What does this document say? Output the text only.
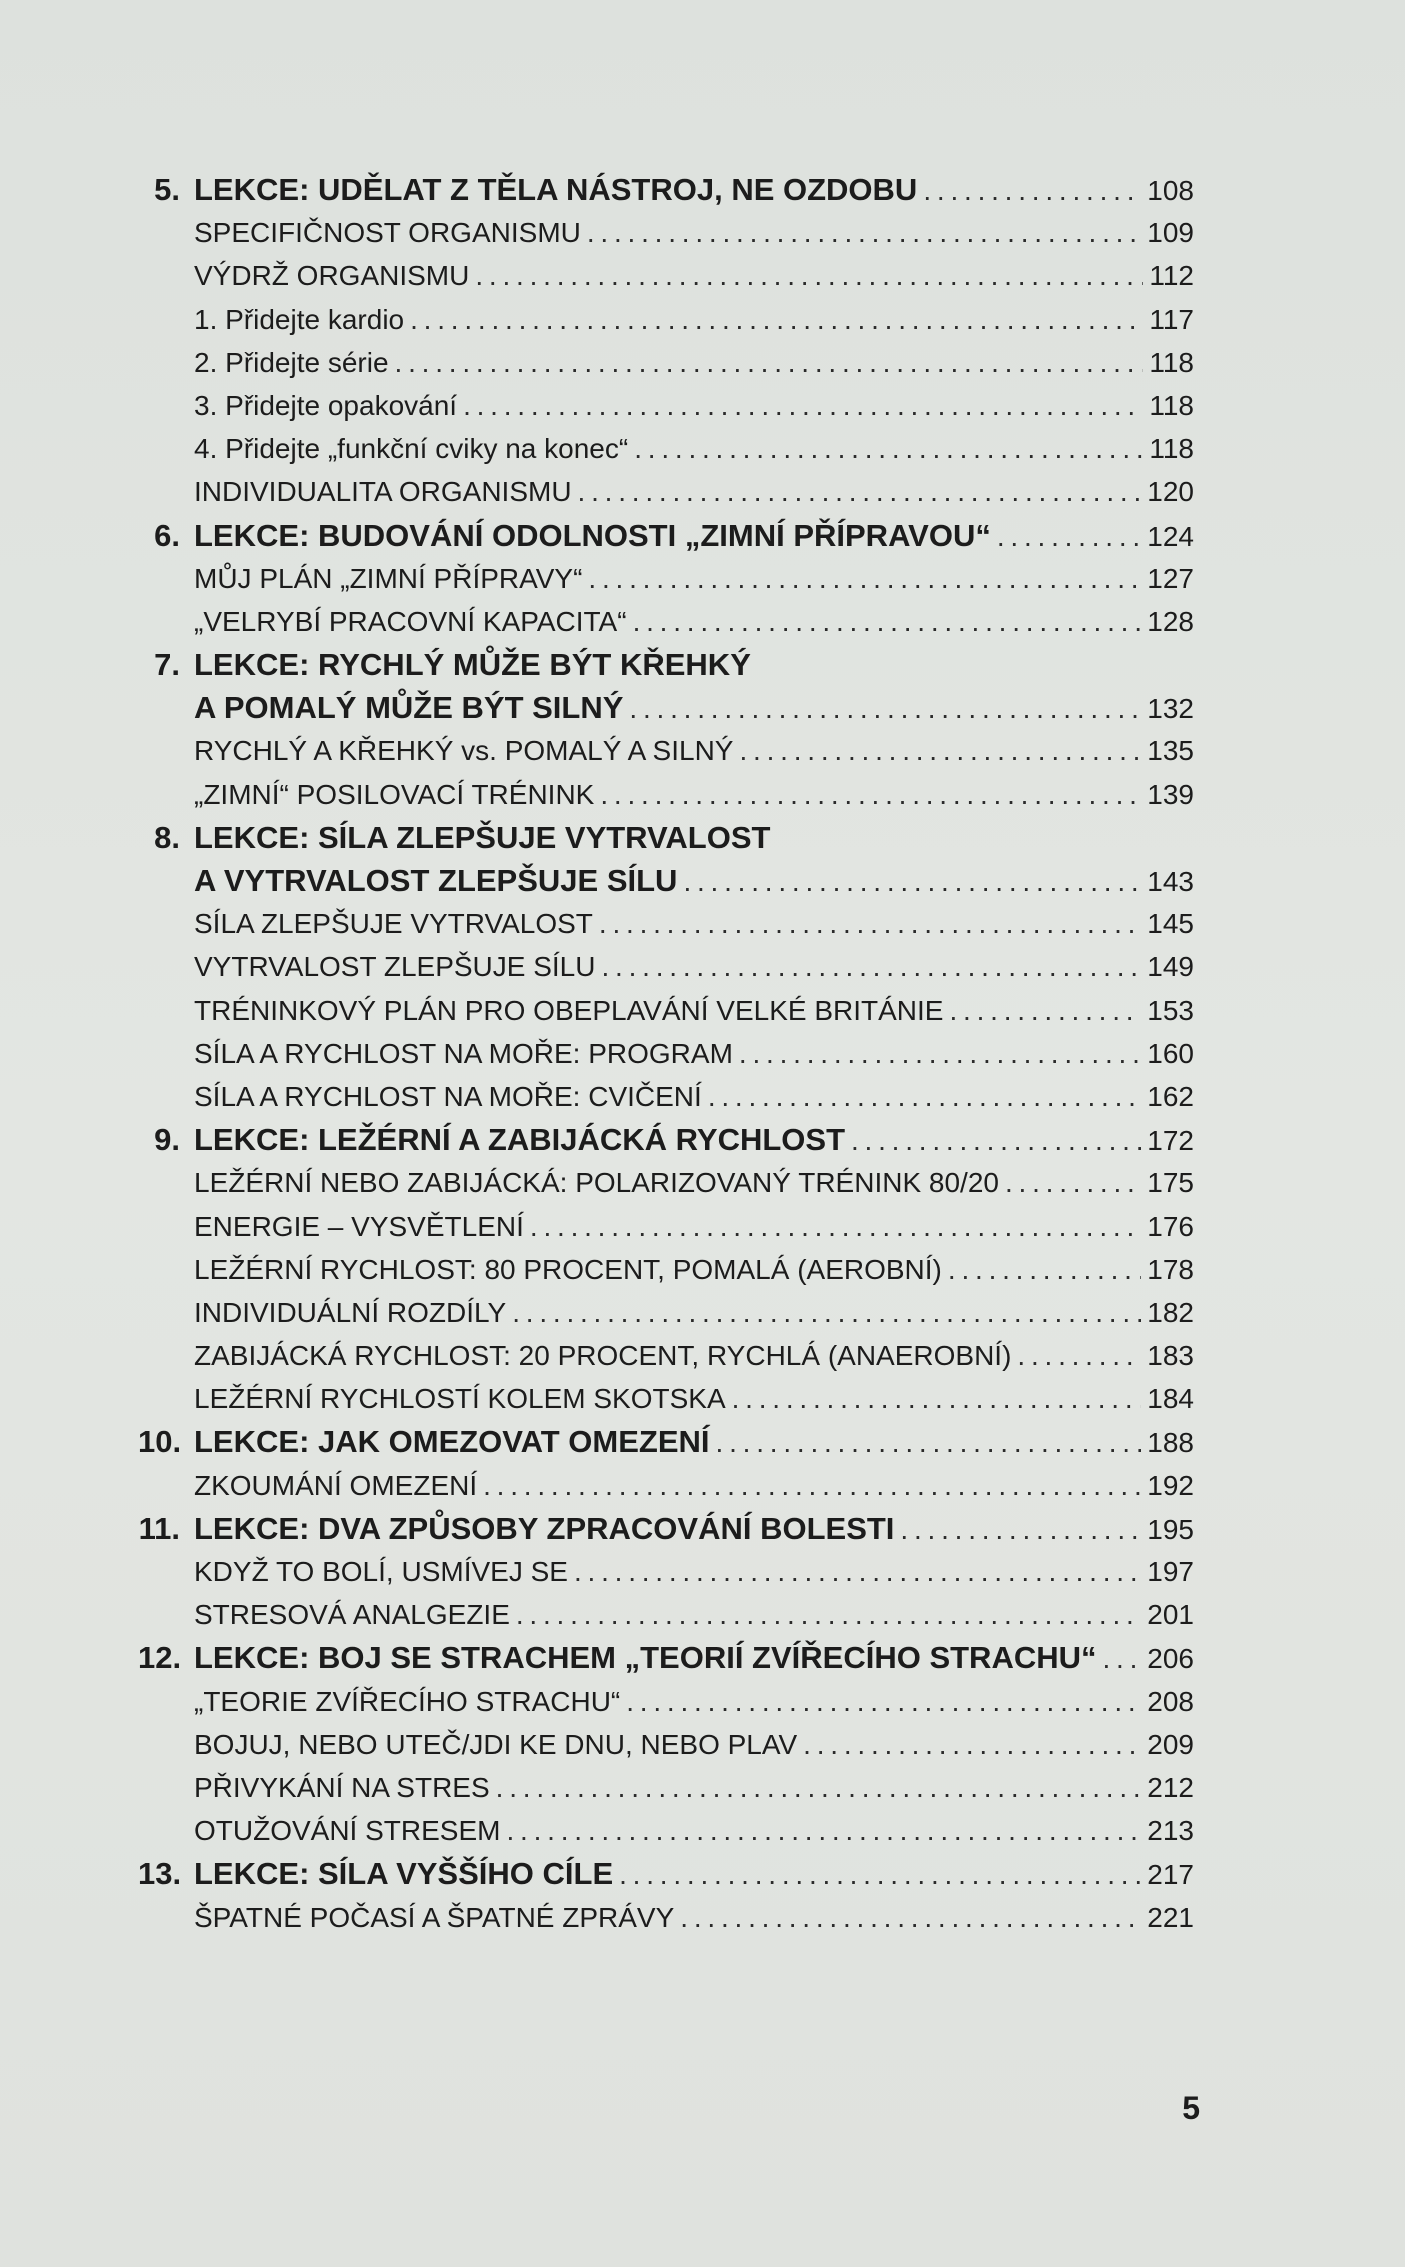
5. LEKCE: UDĚLAT Z TĚLA NÁSTROJ, NE OZDOBU . . .	108
SPECIFIČNOST ORGANISMU . . .	109
VÝDRŽ ORGANISMU . . .	112
1. Přidejte kardio . . .	117
2. Přidejte série . . .	118
3. Přidejte opakování . . .	118
4. Přidejte „funkční cviky na konec“ . . .	118
INDIVIDUALITA ORGANISMU . . .	120
6. LEKCE: BUDOVÁNÍ ODOLNOSTI „ZIMNÍ PŘÍPRAVOU“ . . .	124
MŮJ PLÁN „ZIMNÍ PŘÍPRAVY“ . . .	127
„VELRYBÍ PRACOVNÍ KAPACITA“ . . .	128
7. LEKCE: RYCHLÝ MŮŽE BÝT KŘEHKÝ
A POMALÝ MŮŽE BÝT SILNÝ . . .	132
RYCHLÝ A KŘEHKÝ vs. POMALÝ A SILNÝ . . .	135
„ZIMNÍ“ POSILOVACÍ TRÉNINK . . .	139
8. LEKCE: SÍLA ZLEPŠUJE VYTRVALOST
A VYTRVALOST ZLEPŠUJE SÍLU . . .	143
SÍLA ZLEPŠUJE VYTRVALOST . . .	145
VYTRVALOST ZLEPŠUJE SÍLU . . .	149
TRÉNINKOVÝ PLÁN PRO OBEPLAVÁNÍ VELKÉ BRITÁNIE . . .	153
SÍLA A RYCHLOST NA MOŘE: PROGRAM . . .	160
SÍLA A RYCHLOST NA MOŘE: CVIČENÍ . . .	162
9. LEKCE: LEŽÉRNÍ A ZABIJÁCKÁ RYCHLOST . . .	172
LEŽÉRNÍ NEBO ZABIJÁCKÁ: POLARIZOVANÝ TRÉNINK 80/20 . . .	175
ENERGIE – VYSVĚTLENÍ . . .	176
LEŽÉRNÍ RYCHLOST: 80 PROCENT, POMALÁ (AEROBNÍ) . . .	178
INDIVIDUÁLNÍ ROZDÍLY . . .	182
ZABIJÁCKÁ RYCHLOST: 20 PROCENT, RYCHLÁ (ANAEROBNÍ) . . .	183
LEŽÉRNÍ RYCHLOSTÍ KOLEM SKOTSKA . . .	184
10. LEKCE: JAK OMEZOVAT OMEZENÍ . . .	188
ZKOUMÁNÍ OMEZENÍ . . .	192
11. LEKCE: DVA ZPŮSOBY ZPRACOVÁNÍ BOLESTI . . .	195
KDYŽ TO BOLÍ, USMÍVEJ SE . . .	197
STRESOVÁ ANALGEZIE . . .	201
12. LEKCE: BOJ SE STRACHEM „TEORIÍ ZVÍŘECÍHO STRACHU“ . . . 206
„TEORIE ZVÍŘECÍHO STRACHU“ . . .	208
BOJUJ, NEBO UTEČ/JDI KE DNU, NEBO PLAV . . .	209
PŘIVYKÁNÍ NA STRES . . .	212
OTUŽOVÁNÍ STRESEM . . .	213
13. LEKCE: SÍLA VYŠŠÍHO CÍLE . . .	217
ŠPATNÉ POČASÍ A ŠPATNÉ ZPRÁVY . . .	221
5
